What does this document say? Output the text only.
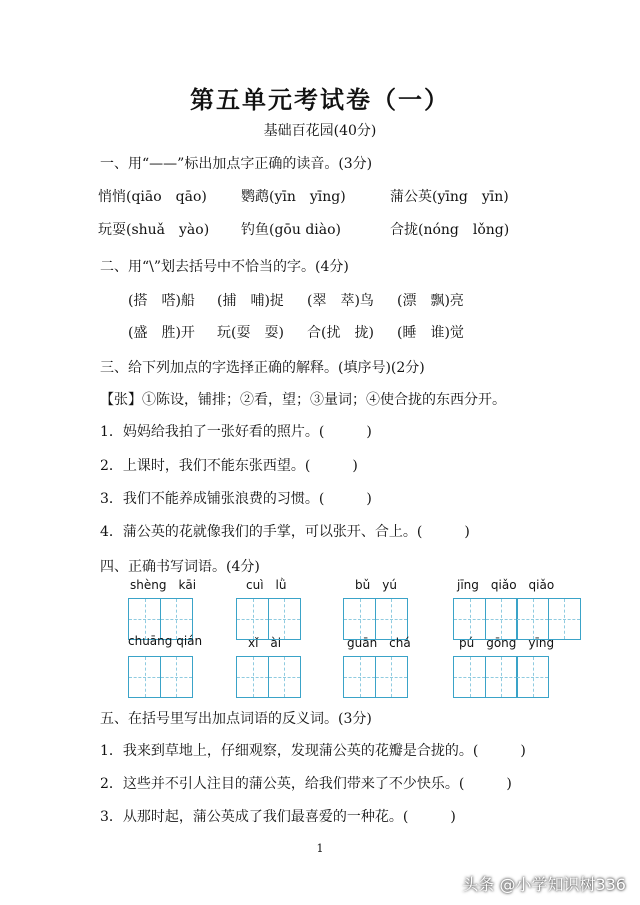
第五单元考试卷（一）
基础百花园(40分)
一、用“——”标出加点字正确的读音。(3分)
悄悄(qiāo　qāo) 鹦鹉(yīn　yīng)	蒲公英(yīng　yīn)
玩耍(shuǎ　yào) 钓鱼(gōu diào)	合拢(nóng　lǒng)
二、用“\”划去括号中不恰当的字。(4分)
(搭　嗒)船 (捕　哺)捉 (翠　萃)鸟 (漂　飘)亮
(盛　胜)开 玩(耍　耍) 合(扰　拢) (睡　谁)觉
三、给下列加点的字选择正确的解释。(填序号)(2分)
【张】①陈设，铺排；②看，望；③量词；④使合拢的东西分开。
1．妈妈给我拍了一张好看的照片。(　　　)
2．上课时，我们不能东张西望。(　　　)
3．我们不能养成铺张浪费的习惯。(　　　)
4．蒲公英的花就像我们的手掌，可以张开、合上。(　　　)
四、正确书写词语。(4分)
shèng　kāi	cuì　lǜ	bǔ　yú	jīng　qiǎo　qiǎo
chuāng qián	xǐ　ài	guān　chá	pú　gōng　yīng
五、在括号里写出加点词语的反义词。(3分)
1．我来到草地上，仔细观察，发现蒲公英的花瓣是合拢的。(　　　)
2．这些并不引人注目的蒲公英，给我们带来了不少快乐。(　　　)
3．从那时起，蒲公英成了我们最喜爱的一种花。(　　　)
1
头条 @小学知识树336
